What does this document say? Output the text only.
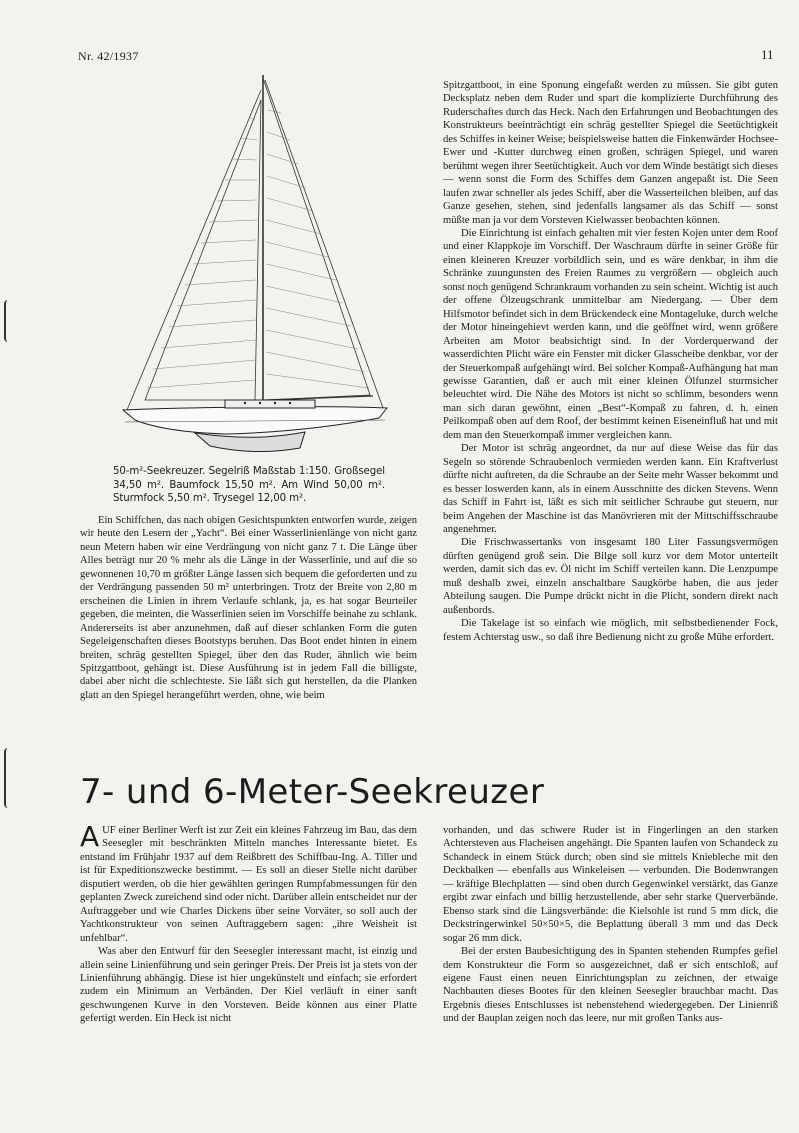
Nr. 42/1937	11
50-m²-Seekreuzer. Segelriß Maßstab 1:150. Großsegel 34,50 m². Baumfock 15,50 m². Am Wind 50,00 m². Sturmfock 5,50 m². Trysegel 12,00 m².

Ein Schiffchen, das nach obigen Gesichtspunkten entworfen wurde, zeigen wir heute den Lesern der „Yacht“. Bei einer Wasserlinienlänge von nicht ganz neun Metern haben wir eine Verdrängung von nicht ganz 7 t. Die Länge über Alles beträgt nur 20 % mehr als die Länge in der Wasserlinie, und auf die so gewonnenen 10,70 m größter Länge lassen sich bequem die geforderten und zu der Verdrängung passenden 50 m² unterbringen. Trotz der Breite von 2,80 m erscheinen die Linien in ihrem Verlaufe schlank, ja, es hat sogar Beurteiler gegeben, die meinten, die Wasserlinien seien im Vorschiffe beinahe zu schlank. Andererseits ist aber anzunehmen, daß auf dieser schlanken Form die guten Segeleigenschaften dieses Bootstyps beruhen. Das Boot endet hinten in einem breiten, schräg gestellten Spiegel, über den das Ruder, ähnlich wie beim Spitzgattboot, gehängt ist. Diese Ausführung ist in jedem Fall die billigste, dabei aber nicht die schlechteste. Sie läßt sich gut herstellen, da die Planken glatt an den Spiegel herangeführt werden, ohne, wie beim

Spitzgattboot, in eine Sponung eingefaßt werden zu müssen. Sie gibt guten Decksplatz neben dem Ruder und spart die komplizierte Durchführung des Ruderschaftes durch das Heck. Nach den Erfahrungen und Beobachtungen des Konstrukteurs beeinträchtigt ein schräg gestellter Spiegel die Seetüchtigkeit des Schiffes in keiner Weise; beispielsweise hatten die Finkenwärder Hochsee-Ewer und -Kutter durchweg einen großen, schrägen Spiegel, und waren berühmt wegen ihrer Seetüchtigkeit. Auch vor dem Winde bestätigt sich dieses — wenn sonst die Form des Schiffes dem Ganzen angepaßt ist. Die Seen laufen zwar schneller als jedes Schiff, aber die Wasserteilchen bleiben, auf das Ganze gesehen, stehen, sind jedenfalls langsamer als das Schiff — sonst müßte man ja vor dem Vorsteven Kielwasser beobachten können.

Die Einrichtung ist einfach gehalten mit vier festen Kojen unter dem Roof und einer Klappkoje im Vorschiff. Der Waschraum dürfte in seiner Größe für einen kleineren Kreuzer vorbildlich sein, und es wäre denkbar, in ihm die Schränke zuungunsten des Freien Raumes zu vergrößern — obgleich auch sonst noch genügend Schrankraum vorhanden zu sein scheint. Wichtig ist auch der offene Ölzeugschrank unmittelbar am Niedergang. — Über dem Hilfsmotor befindet sich in dem Brückendeck eine Montageluke, durch welche der Motor hineingehievt werden kann, und die geöffnet wird, wenn größere Arbeiten am Motor beabsichtigt sind. In der Vorderquerwand der wasserdichten Plicht wäre ein Fenster mit dicker Glasscheibe denkbar, vor der der Steuerkompaß aufgehängt wird. Bei solcher Kompaß-Aufhängung hat man gewisse Garantien, daß er auch mit einer kleinen Ölfunzel sturmsicher beleuchtet wird. Die Nähe des Motors ist nicht so schlimm, besonders wenn man sich daran gewöhnt, einen „Best“-Kompaß zu fahren, d. h. einen Peilkompaß oben auf dem Roof, der bestimmt keinen Eiseneinfluß hat und mit dem man den Steuerkompaß immer vergleichen kann.

Der Motor ist schräg angeordnet, da nur auf diese Weise das für das Segeln so störende Schraubenloch vermieden werden kann. Ein Kraftverlust dürfte nicht auftreten, da die Schraube an der Seite mehr Wasser bekommt und es besser loswerden kann, als in einem Ausschnitte des dicken Stevens. Wenn das Schiff in Fahrt ist, läßt es sich mit seitlicher Schraube gut steuern, nur beim Angehen der Maschine ist das Manövrieren mit der Mittschiffsschraube angenehmer.

Die Frischwassertanks von insgesamt 180 Liter Fassungsvermögen dürften genügend groß sein. Die Bilge soll kurz vor dem Motor unterteilt werden, damit sich das ev. Öl nicht im Schiff verteilen kann. Die Lenzpumpe muß deshalb zwei, einzeln anschaltbare Saugkörbe haben, die aus jeder Abteilung saugen. Die Pumpe drückt nicht in die Plicht, sondern direkt nach außenbords.

Die Takelage ist so einfach wie möglich, mit selbstbedienender Fock, festem Achterstag usw., so daß ihre Bedienung nicht zu große Mühe erfordert.

7- und 6-Meter-Seekreuzer

AUF einer Berliner Werft ist zur Zeit ein kleines Fahrzeug im Bau, das dem Seesegler mit beschränkten Mitteln manches Interessante bietet. Es entstand im Frühjahr 1937 auf dem Reißbrett des Schiffbau-Ing. A. Tiller und ist für Expeditionszwecke bestimmt. — Es soll an dieser Stelle nicht darüber disputiert werden, ob die hier gewählten geringen Rumpfabmessungen für den geplanten Zweck zureichend sind oder nicht. Darüber allein entscheidet nur der Auftraggeber und wie Charles Dickens über seine Vorväter, so soll auch der Yachtkonstrukteur von seinen Auftraggebern sagen: „ihre Weisheit ist unfehlbar“.

Was aber den Entwurf für den Seesegler interessant macht, ist einzig und allein seine Linienführung und sein geringer Preis. Der Preis ist ja stets von der Linienführung abhängig. Diese ist hier ungekünstelt und einfach; sie erfordert zudem ein Minimum an Verbänden. Der Kiel verläuft in einer sanft geschwungenen Kurve in den Vorsteven. Beide können aus einer Platte gefertigt werden. Ein Heck ist nicht

vorhanden, und das schwere Ruder ist in Fingerlingen an den starken Achtersteven aus Flacheisen angehängt. Die Spanten laufen von Schandeck zu Schandeck in einem Stück durch; oben sind sie mittels Kniebleche mit den Deckbalken — ebenfalls aus Winkeleisen — verbunden. Die Bodenwrangen — kräftige Blechplatten — sind oben durch Gegenwinkel verstärkt, das Ganze ergibt zwar einfach und billig herzustellende, aber sehr starke Querverbände. Ebenso stark sind die Längsverbände: die Kielsohle ist rund 5 mm dick, die Deckstringerwinkel 50×50×5, die Beplattung überall 3 mm und das Deck sogar 26 mm dick.

Bei der ersten Baubesichtigung des in Spanten stehenden Rumpfes gefiel dem Konstrukteur die Form so ausgezeichnet, daß er sich entschloß, auf eigene Faust einen neuen Einrichtungsplan zu zeichnen, der etwaige Nachbauten dieses Bootes für den kleinen Seesegler brauchbar macht. Das Ergebnis dieses Entschlusses ist nebenstehend wiedergegeben. Der Linienriß und der Bauplan zeigen noch das leere, nur mit großen Tanks aus-
